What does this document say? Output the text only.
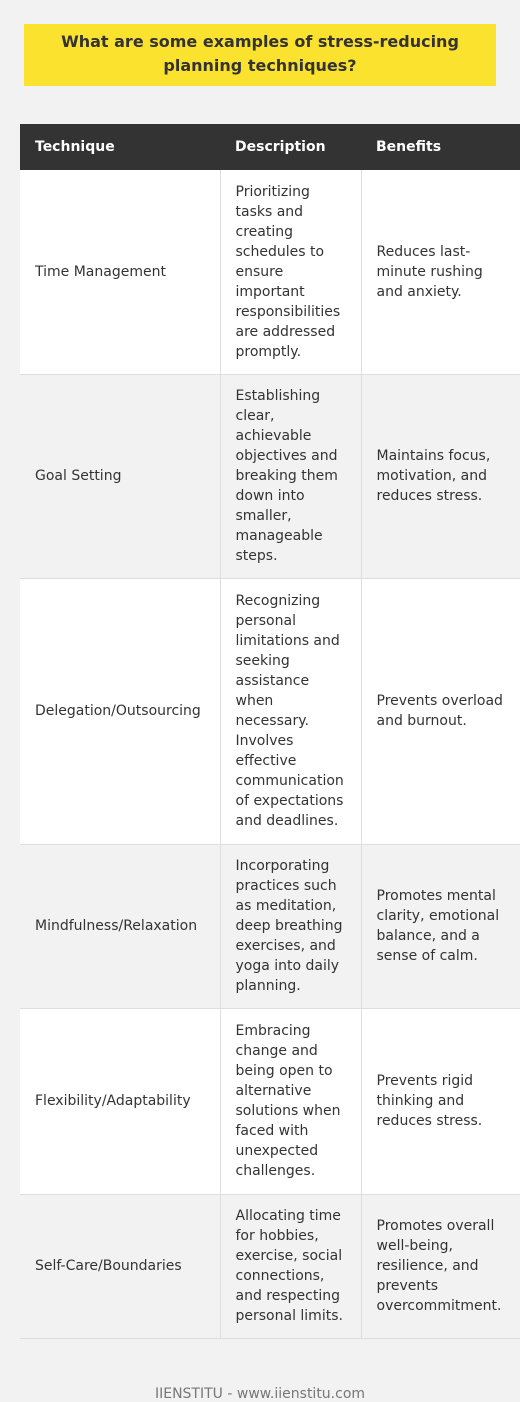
What are some examples of stress-reducing planning techniques?
Technique	Description	Benefits
Time Management	Prioritizing tasks and creating schedules to ensure important responsibilities are addressed promptly.	Reduces last-minute rushing and anxiety.
Goal Setting	Establishing clear, achievable objectives and breaking them down into smaller, manageable steps.	Maintains focus, motivation, and reduces stress.
Delegation/Outsourcing	Recognizing personal limitations and seeking assistance when necessary. Involves effective communication of expectations and deadlines.	Prevents overload and burnout.
Mindfulness/Relaxation	Incorporating practices such as meditation, deep breathing exercises, and yoga into daily planning.	Promotes mental clarity, emotional balance, and a sense of calm.
Flexibility/Adaptability	Embracing change and being open to alternative solutions when faced with unexpected challenges.	Prevents rigid thinking and reduces stress.
Self-Care/Boundaries	Allocating time for hobbies, exercise, social connections, and respecting personal limits.	Promotes overall well-being, resilience, and prevents overcommitment.
IIENSTITU - www.iienstitu.com
